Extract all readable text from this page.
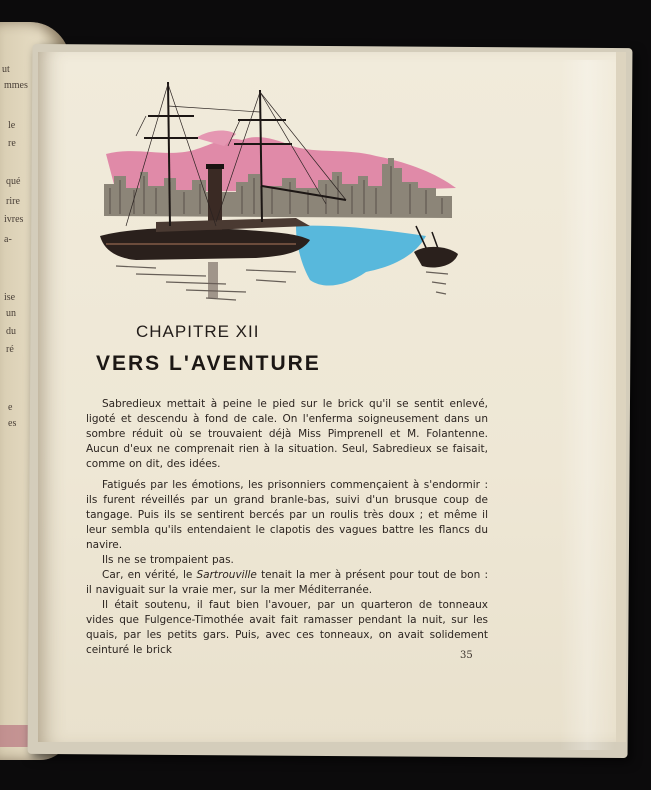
ut
mmes
le
re
qué
rire
ivres
a-
ise
un
du
ré
e
es
CHAPITRE XII
VERS L'AVENTURE

Sabredieux mettait à peine le pied sur le brick qu'il se sentit enlevé, ligoté et descendu à fond de cale. On l'enferma soigneusement dans un sombre réduit où se trouvaient déjà Miss Pimprenell et M. Folantenne. Aucun d'eux ne comprenait rien à la situation. Seul, Sabredieux se faisait, comme on dit, des idées.

Fatigués par les émotions, les prisonniers commençaient à s'endormir : ils furent réveillés par un grand branle-bas, suivi d'un brusque coup de tangage. Puis ils se sentirent bercés par un roulis très doux ; et même il leur sembla qu'ils entendaient le clapotis des vagues battre les flancs du navire.

Ils ne se trompaient pas.

Car, en vérité, le Sartrouville tenait la mer à présent pour tout de bon : il naviguait sur la vraie mer, sur la mer Méditerranée.

Il était soutenu, il faut bien l'avouer, par un quarteron de tonneaux vides que Fulgence-Timothée avait fait ramasser pendant la nuit, sur les quais, par les petits gars. Puis, avec ces tonneaux, on avait solidement ceinturé le brick	35
